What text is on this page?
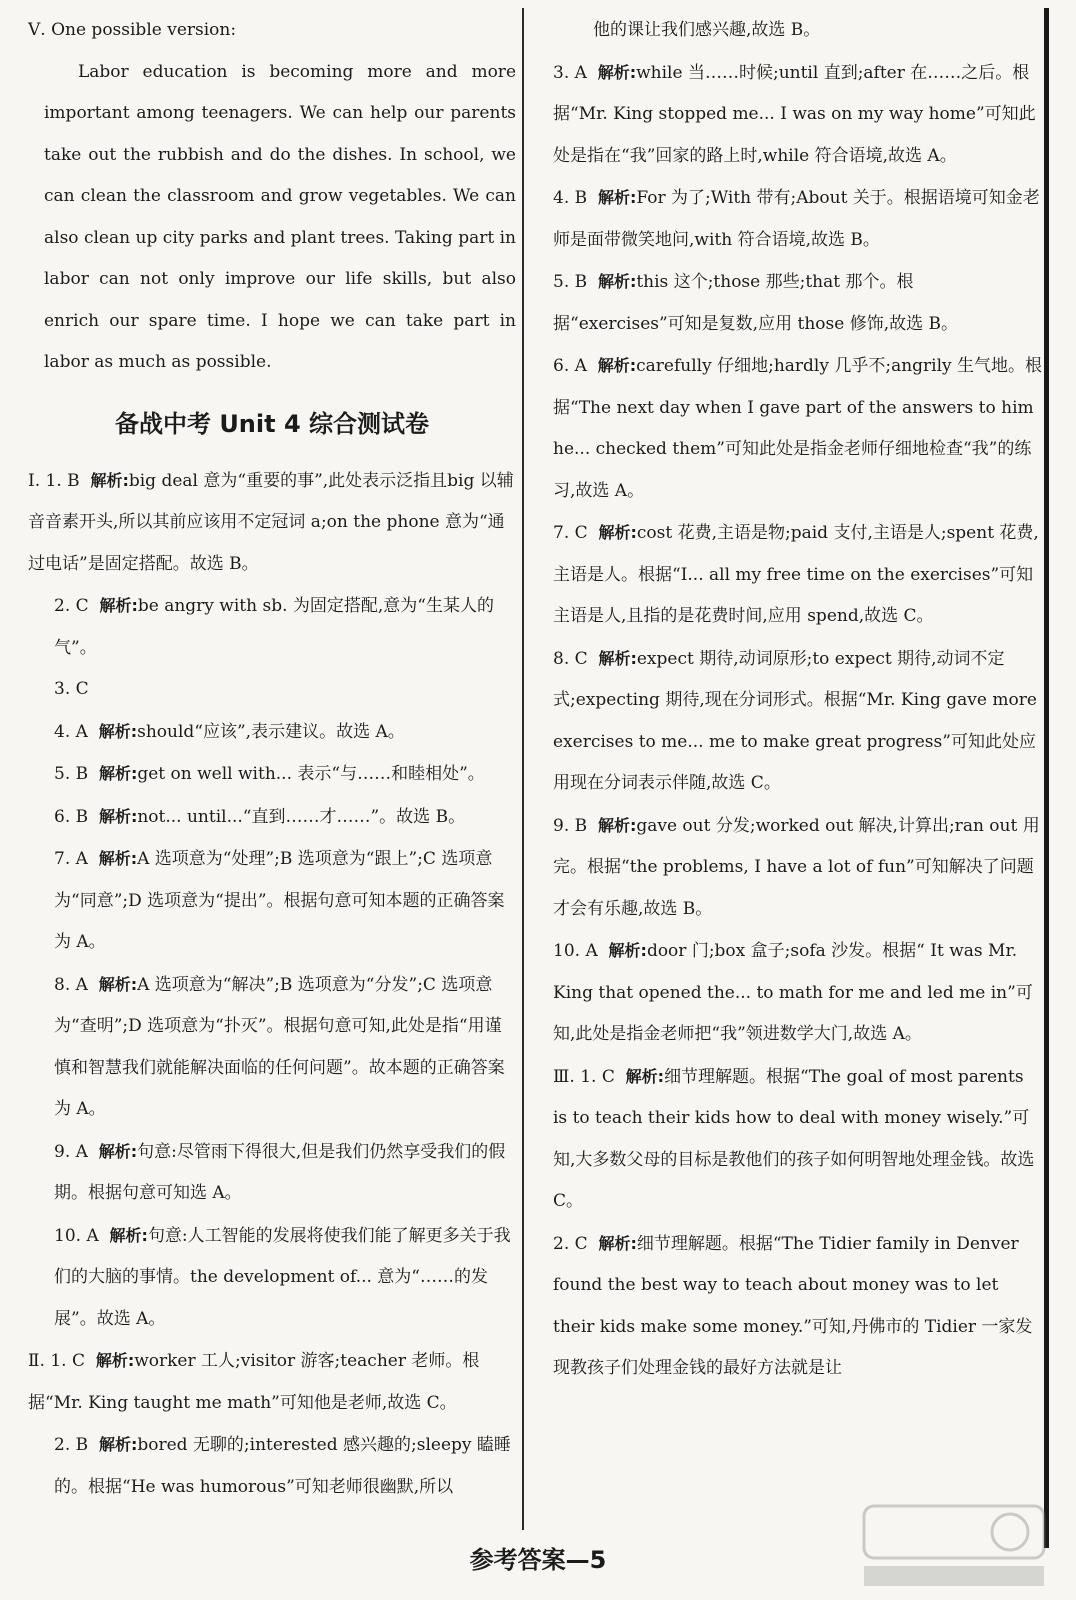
Ⅴ. One possible version:
Labor education is becoming more and more important among teenagers. We can help our parents take out the rubbish and do the dishes. In school, we can clean the classroom and grow vegetables. We can also clean up city parks and plant trees. Taking part in labor can not only improve our life skills, but also enrich our spare time. I hope we can take part in labor as much as possible.
备战中考 Unit 4 综合测试卷
Ⅰ. 1. B 解析:big deal 意为“重要的事”,此处表示泛指且big 以辅音音素开头,所以其前应该用不定冠词 a;on the phone 意为“通过电话”是固定搭配。故选 B。
2. C 解析:be angry with sb. 为固定搭配,意为“生某人的气”。
3. C
4. A 解析:should“应该”,表示建议。故选 A。
5. B 解析:get on well with... 表示“与……和睦相处”。
6. B 解析:not... until...“直到……才……”。故选 B。
7. A 解析:A 选项意为“处理”;B 选项意为“跟上”;C 选项意为“同意”;D 选项意为“提出”。根据句意可知本题的正确答案为 A。
8. A 解析:A 选项意为“解决”;B 选项意为“分发”;C 选项意为“查明”;D 选项意为“扑灭”。根据句意可知,此处是指“用谨慎和智慧我们就能解决面临的任何问题”。故本题的正确答案为 A。
9. A 解析:句意:尽管雨下得很大,但是我们仍然享受我们的假期。根据句意可知选 A。
10. A 解析:句意:人工智能的发展将使我们能了解更多关于我们的大脑的事情。the development of... 意为“……的发展”。故选 A。
Ⅱ. 1. C 解析:worker 工人;visitor 游客;teacher 老师。根据“Mr. King taught me math”可知他是老师,故选 C。
2. B 解析:bored 无聊的;interested 感兴趣的;sleepy 瞌睡的。根据“He was humorous”可知老师很幽默,所以
他的课让我们感兴趣,故选 B。
3. A 解析:while 当……时候;until 直到;after 在……之后。根据“Mr. King stopped me... I was on my way home”可知此处是指在“我”回家的路上时,while 符合语境,故选 A。
4. B 解析:For 为了;With 带有;About 关于。根据语境可知金老师是面带微笑地问,with 符合语境,故选 B。
5. B 解析:this 这个;those 那些;that 那个。根据“exercises”可知是复数,应用 those 修饰,故选 B。
6. A 解析:carefully 仔细地;hardly 几乎不;angrily 生气地。根据“The next day when I gave part of the answers to him he... checked them”可知此处是指金老师仔细地检查“我”的练习,故选 A。
7. C 解析:cost 花费,主语是物;paid 支付,主语是人;spent 花费,主语是人。根据“I... all my free time on the exercises”可知主语是人,且指的是花费时间,应用 spend,故选 C。
8. C 解析:expect 期待,动词原形;to expect 期待,动词不定式;expecting 期待,现在分词形式。根据“Mr. King gave more exercises to me... me to make great progress”可知此处应用现在分词表示伴随,故选 C。
9. B 解析:gave out 分发;worked out 解决,计算出;ran out 用完。根据“the problems, I have a lot of fun”可知解决了问题才会有乐趣,故选 B。
10. A 解析:door 门;box 盒子;sofa 沙发。根据“ It was Mr. King that opened the... to math for me and led me in”可知,此处是指金老师把“我”领进数学大门,故选 A。
Ⅲ. 1. C 解析:细节理解题。根据“The goal of most parents is to teach their kids how to deal with money wisely.”可知,大多数父母的目标是教他们的孩子如何明智地处理金钱。故选 C。
2. C 解析:细节理解题。根据“The Tidier family in Denver found the best way to teach about money was to let their kids make some money.”可知,丹佛市的 Tidier 一家发现教孩子们处理金钱的最好方法就是让
参考答案—5
